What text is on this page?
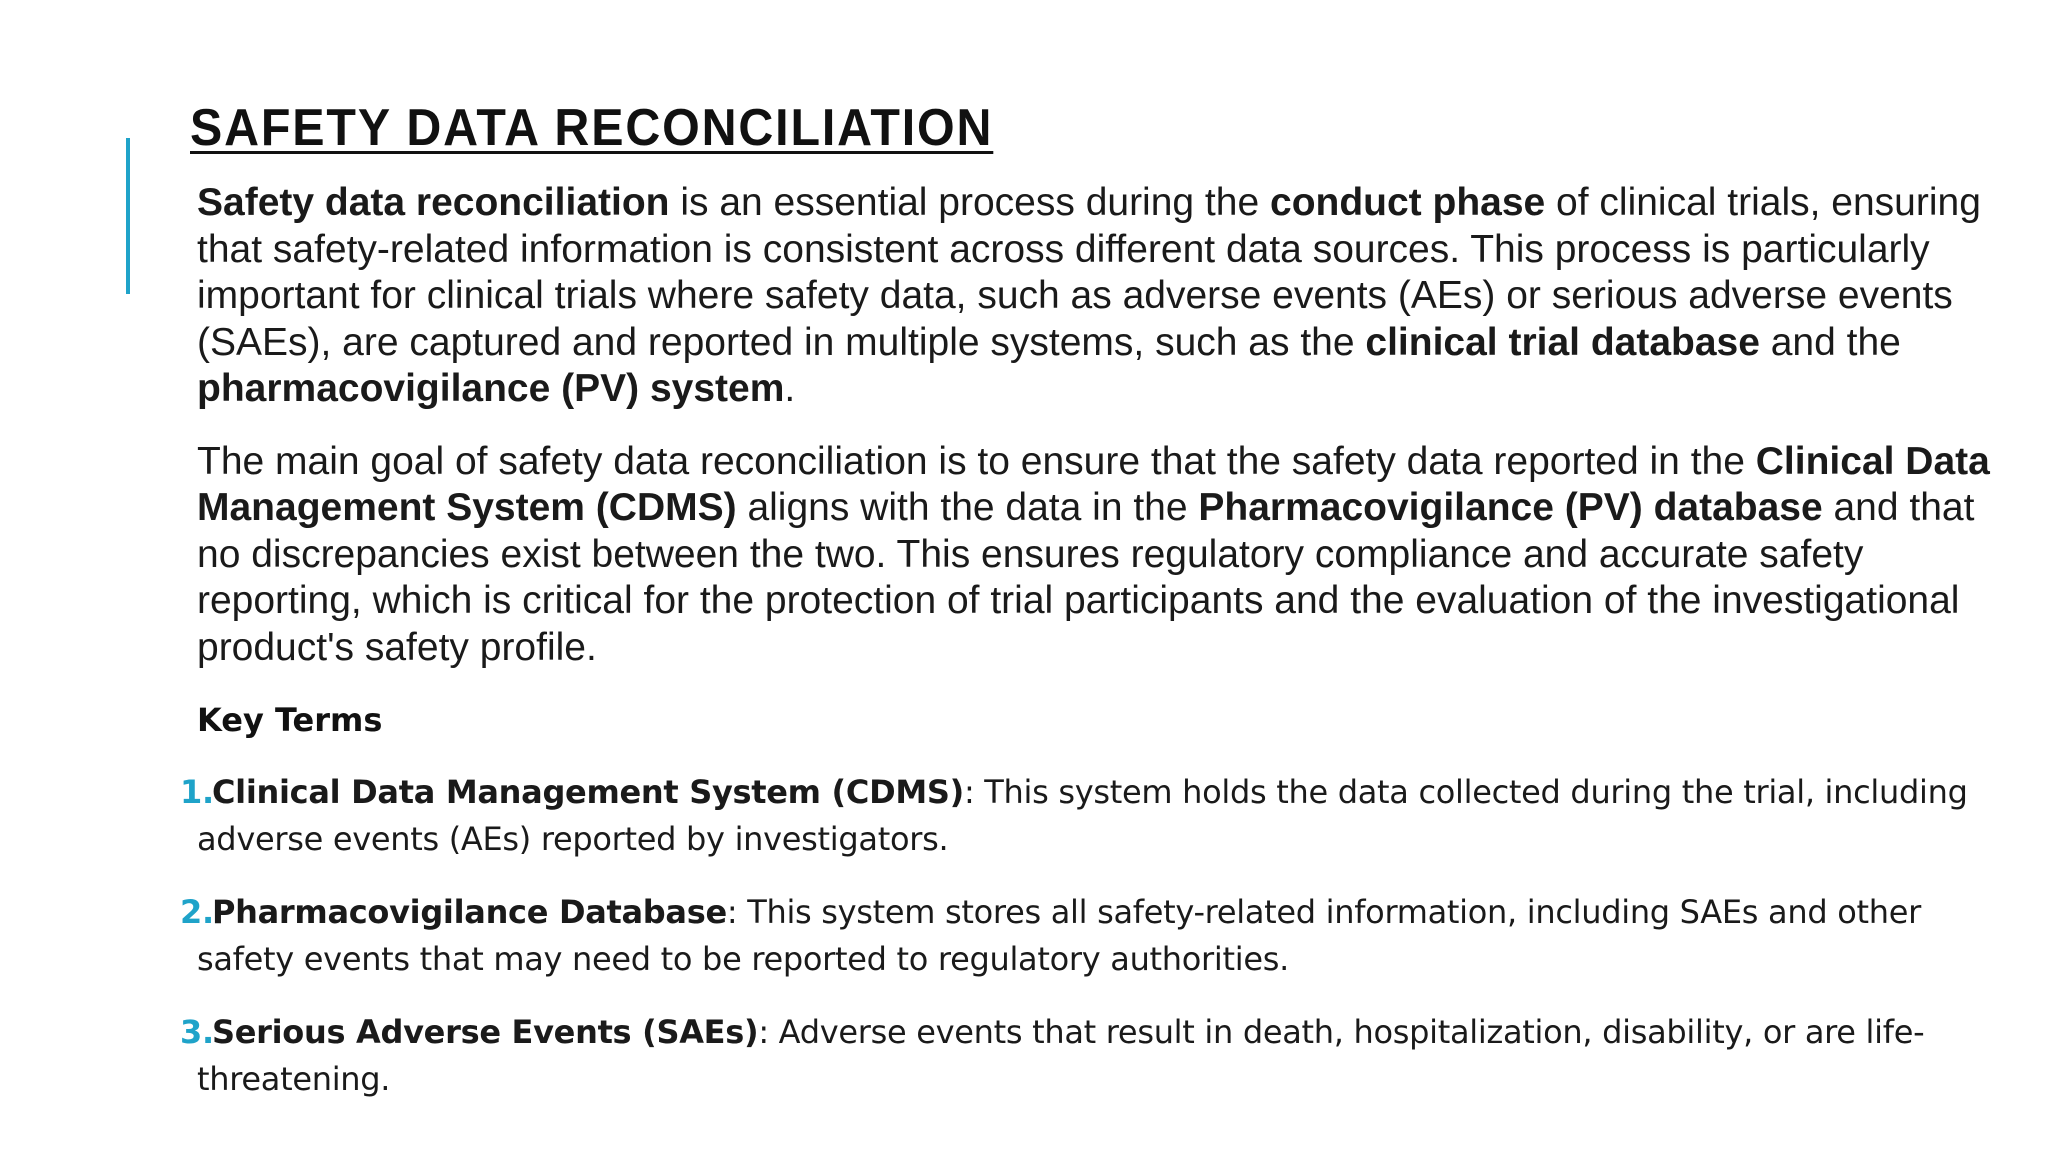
SAFETY DATA RECONCILIATION

Safety data reconciliation is an essential process during the conduct phase of clinical trials, ensuring that safety-related information is consistent across different data sources. This process is particularly important for clinical trials where safety data, such as adverse events (AEs) or serious adverse events (SAEs), are captured and reported in multiple systems, such as the clinical trial database and the pharmacovigilance (PV) system.

The main goal of safety data reconciliation is to ensure that the safety data reported in the Clinical Data Management System (CDMS) aligns with the data in the Pharmacovigilance (PV) database and that no discrepancies exist between the two. This ensures regulatory compliance and accurate safety reporting, which is critical for the protection of trial participants and the evaluation of the investigational product's safety profile.

Key Terms
1.
Clinical Data Management System (CDMS): This system holds the data collected during the trial, including adverse events (AEs) reported by investigators.
2.
Pharmacovigilance Database: This system stores all safety-related information, including SAEs and other safety events that may need to be reported to regulatory authorities.
3.
Serious Adverse Events (SAEs): Adverse events that result in death, hospitalization, disability, or are life-threatening.
